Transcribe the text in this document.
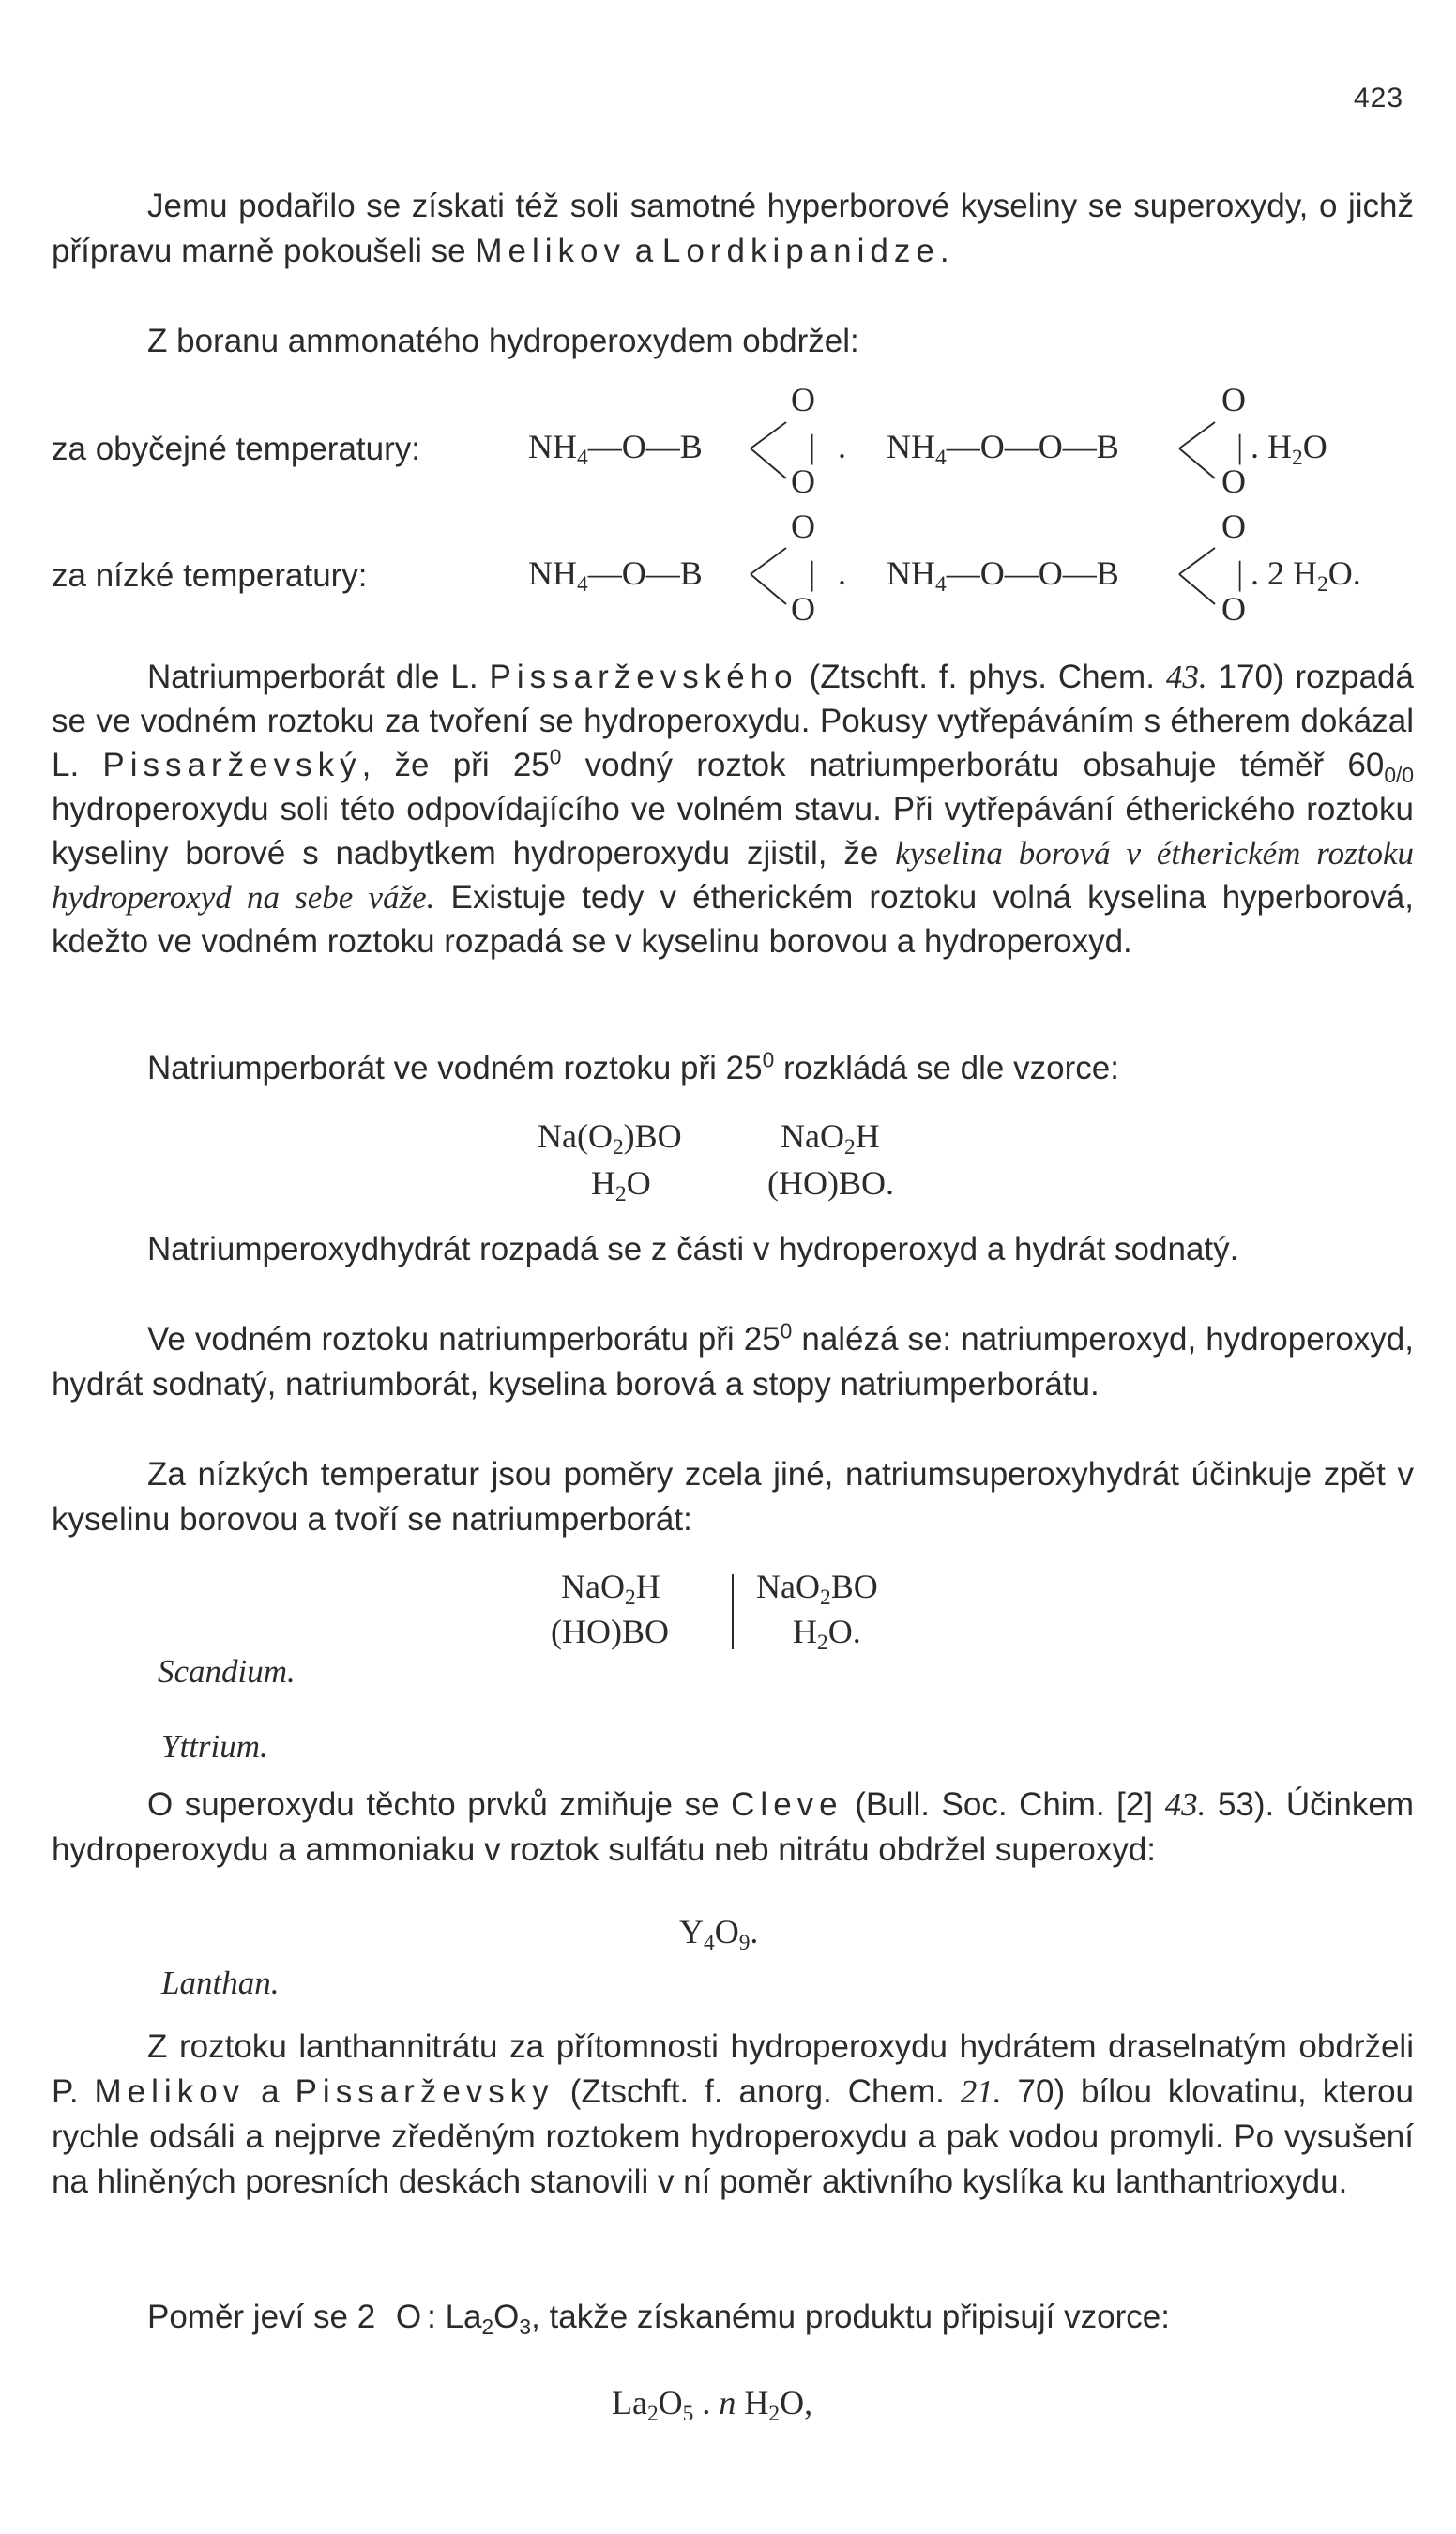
423

Jemu podařilo se získati též soli samotné hyperborové kyseliny se superoxydy, o jichž přípravu marně pokoušeli se Melikov a Lordkipanidze.

Z boranu ammonatého hydroperoxydem obdržel:

za obyčejné temperatury:	$NH_4—O—B$
O
|
O
. $NH_4—O—O—B$
O
|
O
. $H_2O$
za nízké temperatury:	$NH_4—O—B$
O
|
O
. $NH_4—O—O—B$
O
|
O
. 2 $H_2O$.

Natriumperborát dle L. Pissarževského (Ztschft. f. phys. Chem. 43. 170) rozpadá se ve vodném roztoku za tvoření se hydroperoxydu. Pokusy vytřepáváním s étherem dokázal L. Pissarževský, že při $25^0$ vodný roztok natriumperborátu obsahuje téměř $60_{0/0}$ hydroperoxydu soli této odpovídajícího ve volném stavu. Při vytřepávání étherického roztoku kyseliny borové s nadbytkem hydroperoxydu zjistil, že kyselina borová v étherickém roztoku hydroperoxyd na sebe váže. Existuje tedy v étherickém roztoku volná kyselina hyperborová, kdežto ve vodném roztoku rozpadá se v kyselinu borovou a hydroperoxyd.

Natriumperborát ve vodném roztoku při $25^0$ rozkládá se dle vzorce:

$Na(O_2)BO$	NaO$_2$H
$H_2O$	(HO)BO.

Natriumperoxydhydrát rozpadá se z části v hydroperoxyd a hydrát sodnatý.

Ve vodném roztoku natriumperborátu při $25^0$ nalézá se: natriumperoxyd, hydroperoxyd, hydrát sodnatý, natriumborát, kyselina borová a stopy natriumperborátu.

Za nízkých temperatur jsou poměry zcela jiné, natriumsuperoxyhydrát účinkuje zpět v kyselinu borovou a tvoří se natriumperborát:

NaO$_2$H	NaO$_2$BO
(HO)BO	$H_2O$.
Scandium.
Yttrium.

O superoxydu těchto prvků zmiňuje se Cleve (Bull. Soc. Chim. [2] 43. 53). Účinkem hydroperoxydu a ammoniaku v roztok sulfátu neb nitrátu obdržel superoxyd:

$Y_4O_9$.
Lanthan.

Z roztoku lanthannitrátu za přítomnosti hydroperoxydu hydrátem draselnatým obdrželi P. Melikov a Pissarževsky (Ztschft. f. anorg. Chem. 21. 70) bílou klovatinu, kterou rychle odsáli a nejprve zředěným roztokem hydroperoxydu a pak vodou promyli. Po vysušení na hliněných poresních deskách stanovili v ní poměr aktivního kyslíka ku lanthantrioxydu.

Poměr jeví se 2 O: $La_2O_3$, takže získanému produktu připisují vzorce:

$La_2O_5$ . n $H_2O$,
